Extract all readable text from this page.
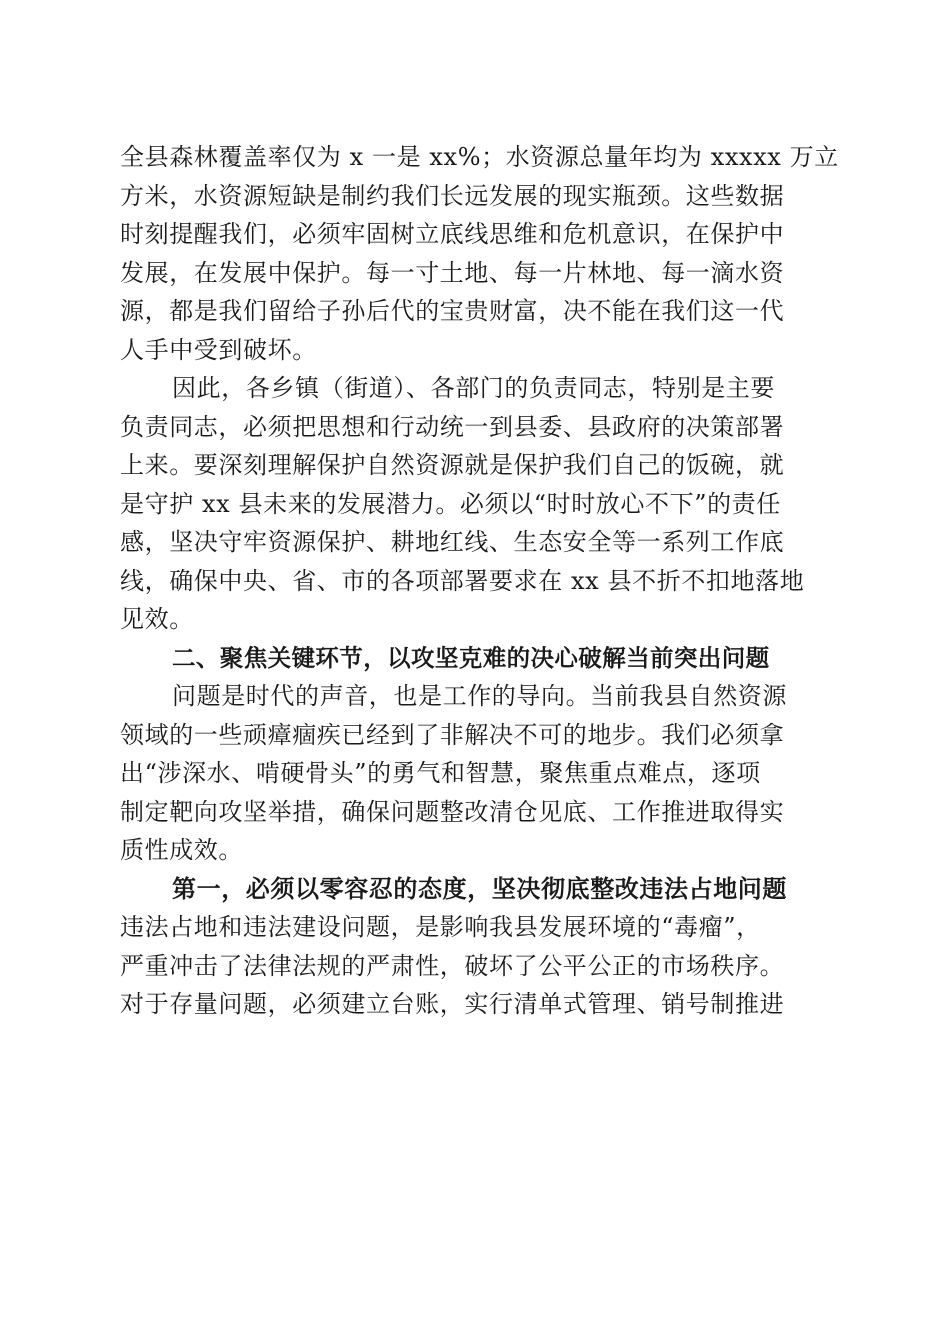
全县森林覆盖率仅为 x 一是 xx%；水资源总量年均为 xxxxx 万立
方米，水资源短缺是制约我们长远发展的现实瓶颈。这些数据
时刻提醒我们，必须牢固树立底线思维和危机意识，在保护中
发展，在发展中保护。每一寸土地、每一片林地、每一滴水资
源，都是我们留给子孙后代的宝贵财富，决不能在我们这一代
人手中受到破坏。
因此，各乡镇（街道）、各部门的负责同志，特别是主要
负责同志，必须把思想和行动统一到县委、县政府的决策部署
上来。要深刻理解保护自然资源就是保护我们自己的饭碗，就
是守护 xx 县未来的发展潜力。必须以“时时放心不下”的责任
感，坚决守牢资源保护、耕地红线、生态安全等一系列工作底
线，确保中央、省、市的各项部署要求在 xx 县不折不扣地落地
见效。
二、聚焦关键环节，以攻坚克难的决心破解当前突出问题
问题是时代的声音，也是工作的导向。当前我县自然资源
领域的一些顽瘴痼疾已经到了非解决不可的地步。我们必须拿
出“涉深水、啃硬骨头”的勇气和智慧，聚焦重点难点，逐项
制定靶向攻坚举措，确保问题整改清仓见底、工作推进取得实
质性成效。
第一，必须以零容忍的态度，坚决彻底整改违法占地问题
违法占地和违法建设问题，是影响我县发展环境的“毒瘤”，
严重冲击了法律法规的严肃性，破坏了公平公正的市场秩序。
对于存量问题，必须建立台账，实行清单式管理、销号制推进
